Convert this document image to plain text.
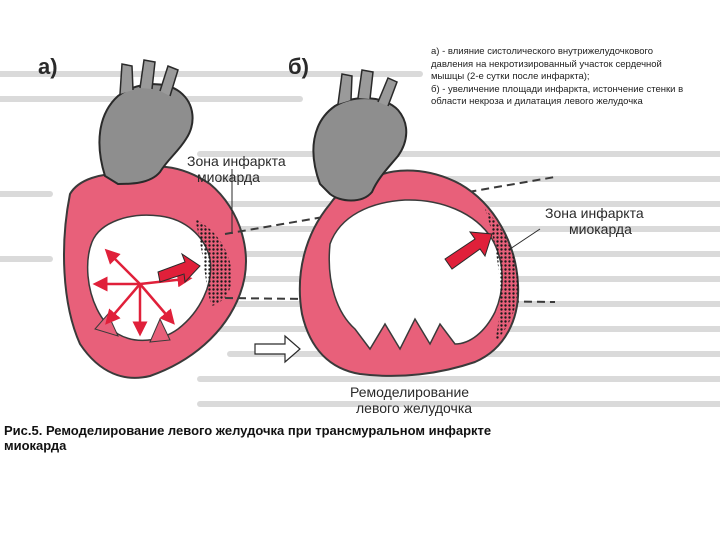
а)	б)
Зона инфаркта
миокарда
Зона инфаркта
миокарда
Ремоделирование
левого желудочка

а) - влияние систолического внутрижелудочкового давления на некротизированный участок сердечной мышцы (2-е сутки после инфаркта);

б) - увеличение площади инфаркта, истончение стенки в области некроза и дилатация левого желудочка

Рис.5. Ремоделирование левого желудочка при трансмуральном инфаркте
миокарда
